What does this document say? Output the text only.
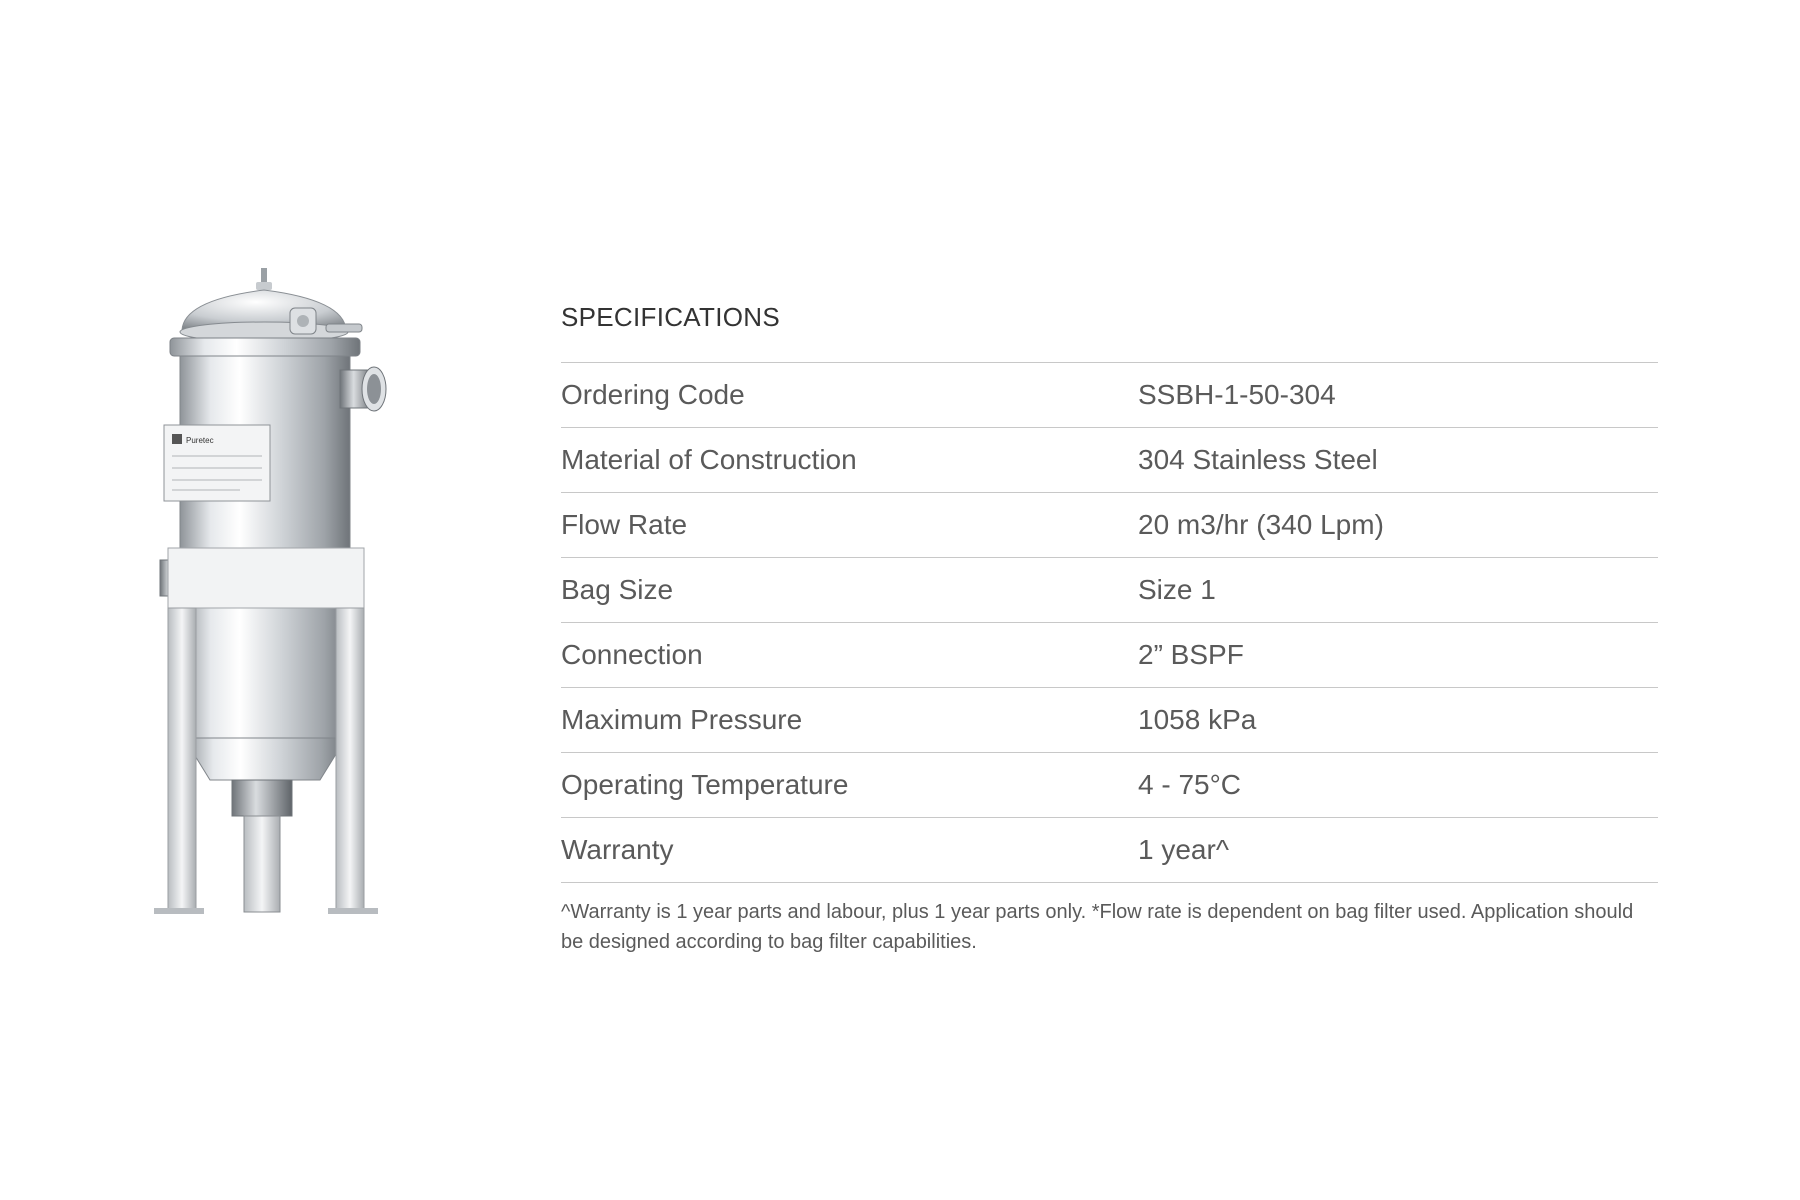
Puretec
SPECIFICATIONS
Ordering Code	SSBH-1-50-304
Material of Construction	304 Stainless Steel
Flow Rate	20 m3/hr (340 Lpm)
Bag Size	Size 1
Connection	2” BSPF
Maximum Pressure	1058 kPa
Operating Temperature	4 - 75°C
Warranty	1 year^

^Warranty is 1 year parts and labour, plus 1 year parts only. *Flow rate is dependent on bag filter used. Application should be designed according to bag filter capabilities.
